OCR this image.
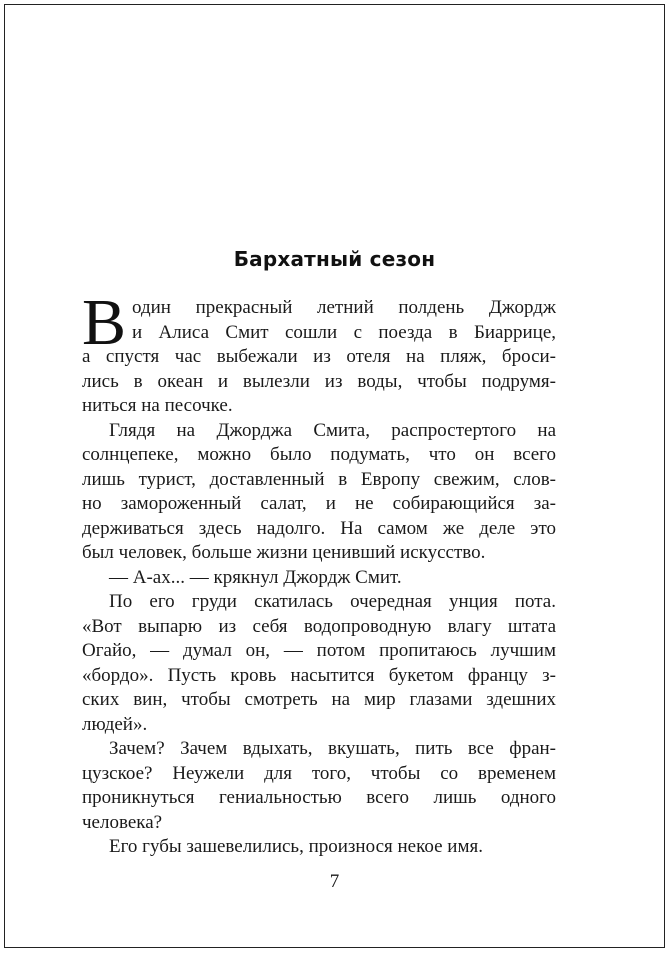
Бархатный сезон
В один прекрасный летний полдень Джордж
и Алиса Смит сошли с поезда в Биаррице,
а спустя час выбежали из отеля на пляж, броси-
лись в океан и вылезли из воды, чтобы подрумя-
ниться на песочке.
Глядя на Джорджа Смита, распростертого на
солнцепеке, можно было подумать, что он всего
лишь турист, доставленный в Европу свежим, слов-
но замороженный салат, и не собирающийся за-
держиваться здесь надолго. На самом же деле это
был человек, больше жизни ценивший искусство.
— А-ах... — крякнул Джордж Смит.
По его груди скатилась очередная унция пота.
«Вот выпарю из себя водопроводную влагу штата
Огайо, — думал он, — потом пропитаюсь лучшим
«бордо». Пусть кровь насытится букетом францу з-
ских вин, чтобы смотреть на мир глазами здешних
людей».
Зачем? Зачем вдыхать, вкушать, пить все фран-
цузское? Неужели для того, чтобы со временем
проникнуться гениальностью всего лишь одного
человека?
Его губы зашевелились, произнося некое имя.
7
